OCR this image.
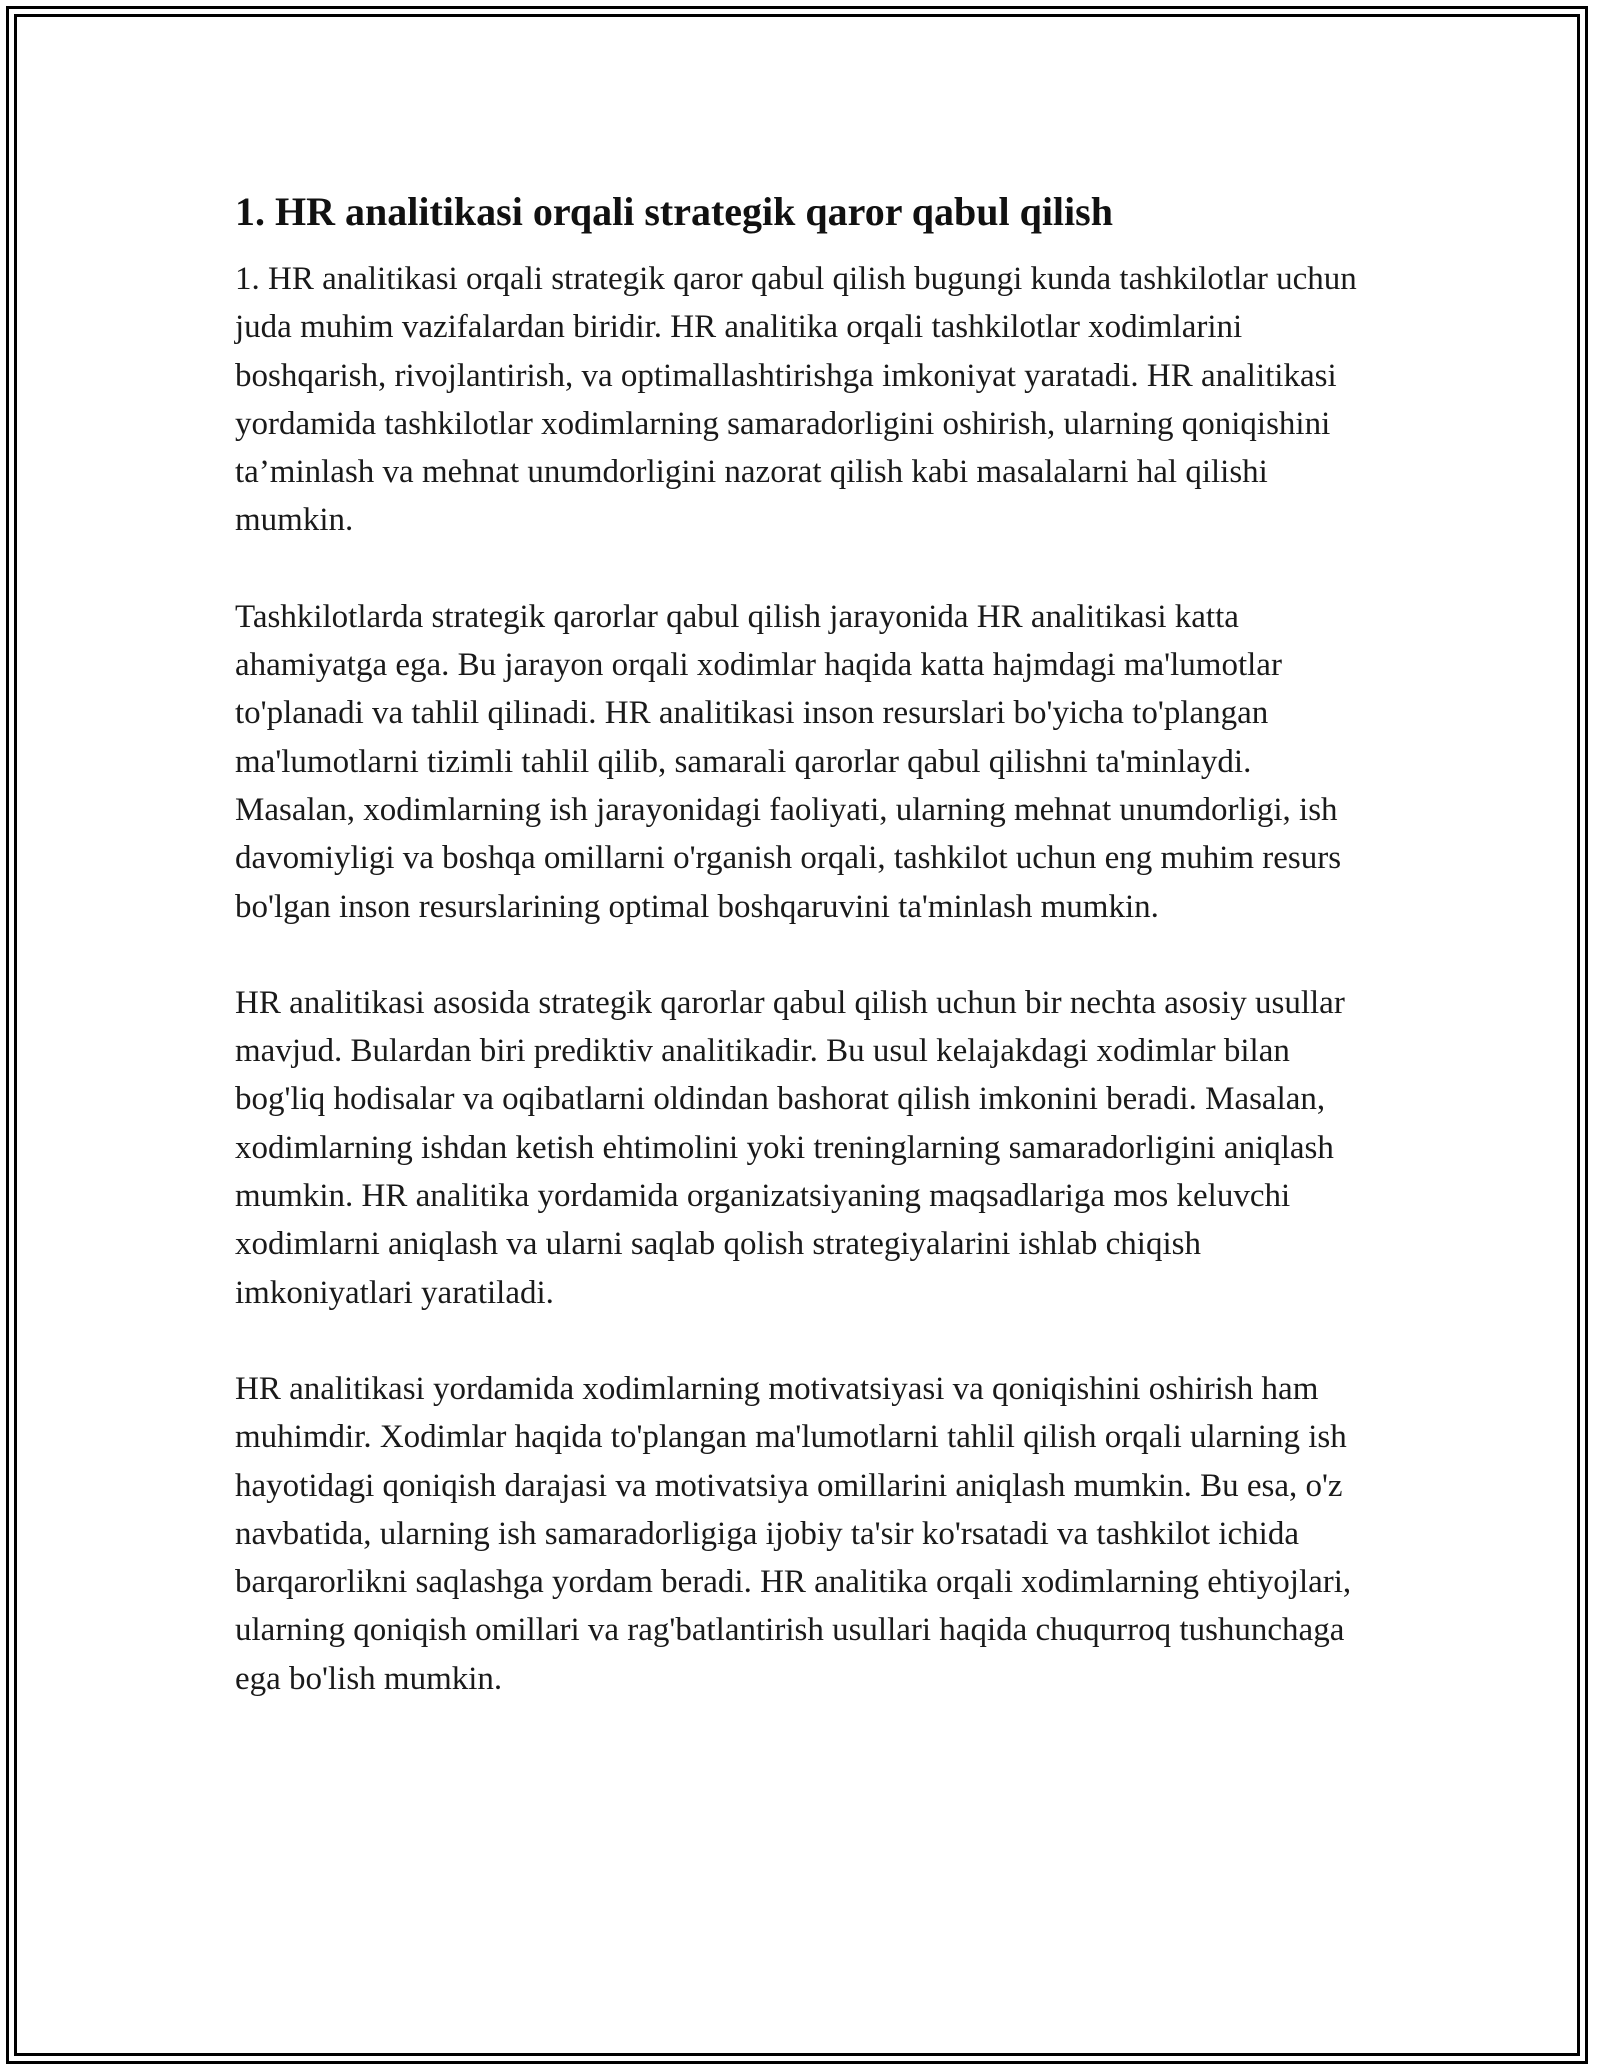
1. HR analitikasi orqali strategik qaror qabul qilish

1. HR analitikasi orqali strategik qaror qabul qilish bugungi kunda tashkilotlar uchun juda muhim vazifalardan biridir. HR analitika orqali tashkilotlar xodimlarini boshqarish, rivojlantirish, va optimallashtirishga imkoniyat yaratadi. HR analitikasi yordamida tashkilotlar xodimlarning samaradorligini oshirish, ularning qoniqishini ta’minlash va mehnat unumdorligini nazorat qilish kabi masalalarni hal qilishi mumkin.

Tashkilotlarda strategik qarorlar qabul qilish jarayonida HR analitikasi katta ahamiyatga ega. Bu jarayon orqali xodimlar haqida katta hajmdagi ma'lumotlar to'planadi va tahlil qilinadi. HR analitikasi inson resurslari bo'yicha to'plangan ma'lumotlarni tizimli tahlil qilib, samarali qarorlar qabul qilishni ta'minlaydi. Masalan, xodimlarning ish jarayonidagi faoliyati, ularning mehnat unumdorligi, ish davomiyligi va boshqa omillarni o'rganish orqali, tashkilot uchun eng muhim resurs bo'lgan inson resurslarining optimal boshqaruvini ta'minlash mumkin.

HR analitikasi asosida strategik qarorlar qabul qilish uchun bir nechta asosiy usullar mavjud. Bulardan biri prediktiv analitikadir. Bu usul kelajakdagi xodimlar bilan bog'liq hodisalar va oqibatlarni oldindan bashorat qilish imkonini beradi. Masalan, xodimlarning ishdan ketish ehtimolini yoki treninglarning samaradorligini aniqlash mumkin. HR analitika yordamida organizatsiyaning maqsadlariga mos keluvchi xodimlarni aniqlash va ularni saqlab qolish strategiyalarini ishlab chiqish imkoniyatlari yaratiladi.

HR analitikasi yordamida xodimlarning motivatsiyasi va qoniqishini oshirish ham muhimdir. Xodimlar haqida to'plangan ma'lumotlarni tahlil qilish orqali ularning ish hayotidagi qoniqish darajasi va motivatsiya omillarini aniqlash mumkin. Bu esa, o'z navbatida, ularning ish samaradorligiga ijobiy ta'sir ko'rsatadi va tashkilot ichida barqarorlikni saqlashga yordam beradi. HR analitika orqali xodimlarning ehtiyojlari, ularning qoniqish omillari va rag'batlantirish usullari haqida chuqurroq tushunchaga ega bo'lish mumkin.
